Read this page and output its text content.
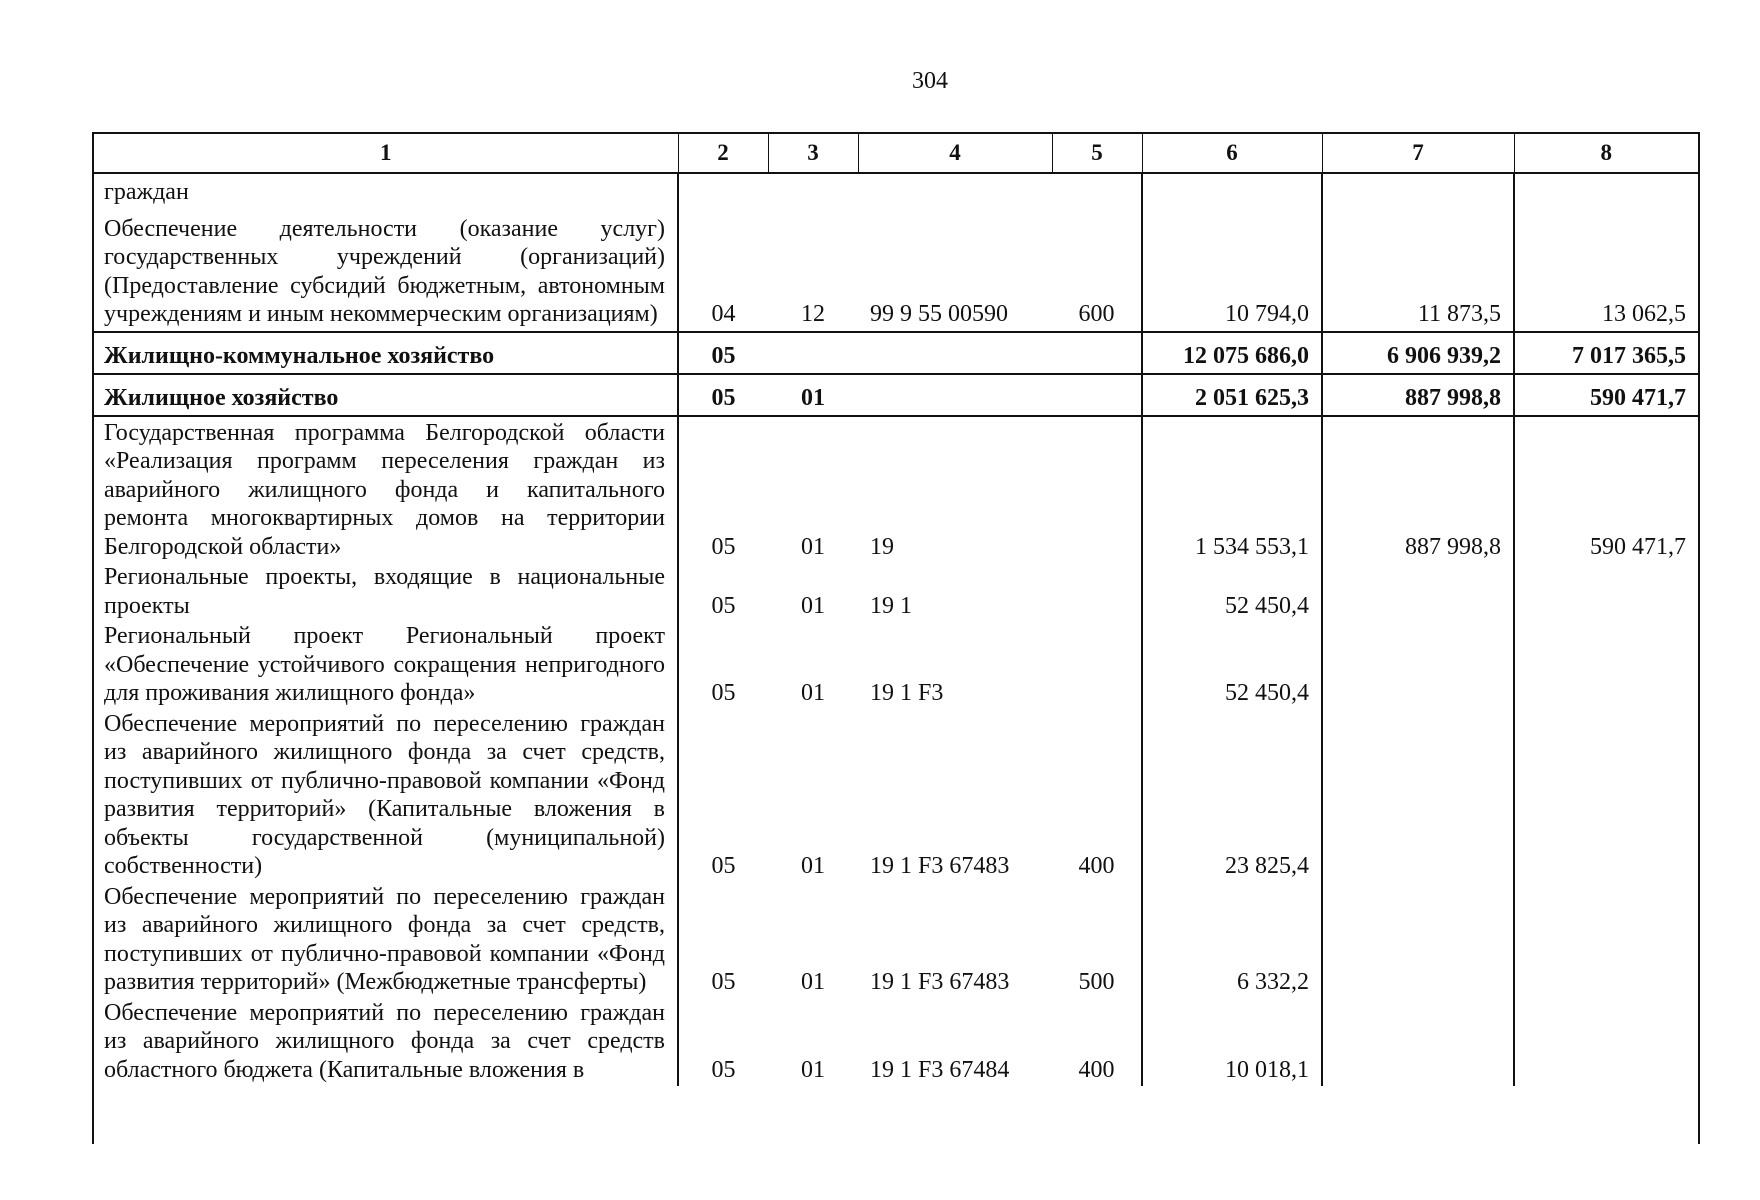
304
1	2	3	4	5	6	7	8
граждан							
Обеспечение деятельности (оказание услуг) государственных учреждений (организаций) (Предоставление субсидий бюджетным, автономным учреждениям и иным некоммерческим организациям)	04	12	99 9 55 00590	600	10 794,0	11 873,5	13 062,5
Жилищно-коммунальное хозяйство	05				12 075 686,0	6 906 939,2	7 017 365,5
Жилищное хозяйство	05	01			2 051 625,3	887 998,8	590 471,7
Государственная программа Белгородской области «Реализация программ переселения граждан из аварийного жилищного фонда и капитального ремонта многоквартирных домов на территории Белгородской области»	05	01	19		1 534 553,1	887 998,8	590 471,7
Региональные проекты, входящие в национальные проекты	05	01	19 1		52 450,4		
Региональный проект Региональный проект «Обеспечение устойчивого сокращения непригодного для проживания жилищного фонда»	05	01	19 1 F3		52 450,4		
Обеспечение мероприятий по переселению граждан из аварийного жилищного фонда за счет средств, поступивших от публично-правовой компании «Фонд развития территорий» (Капитальные вложения в объекты государственной (муниципальной) собственности)	05	01	19 1 F3 67483	400	23 825,4		
Обеспечение мероприятий по переселению граждан из аварийного жилищного фонда за счет средств, поступивших от публично-правовой компании «Фонд развития территорий» (Межбюджетные трансферты)	05	01	19 1 F3 67483	500	6 332,2		
Обеспечение мероприятий по переселению граждан из аварийного жилищного фонда за счет средств областного бюджета (Капитальные вложения в	05	01	19 1 F3 67484	400	10 018,1		
